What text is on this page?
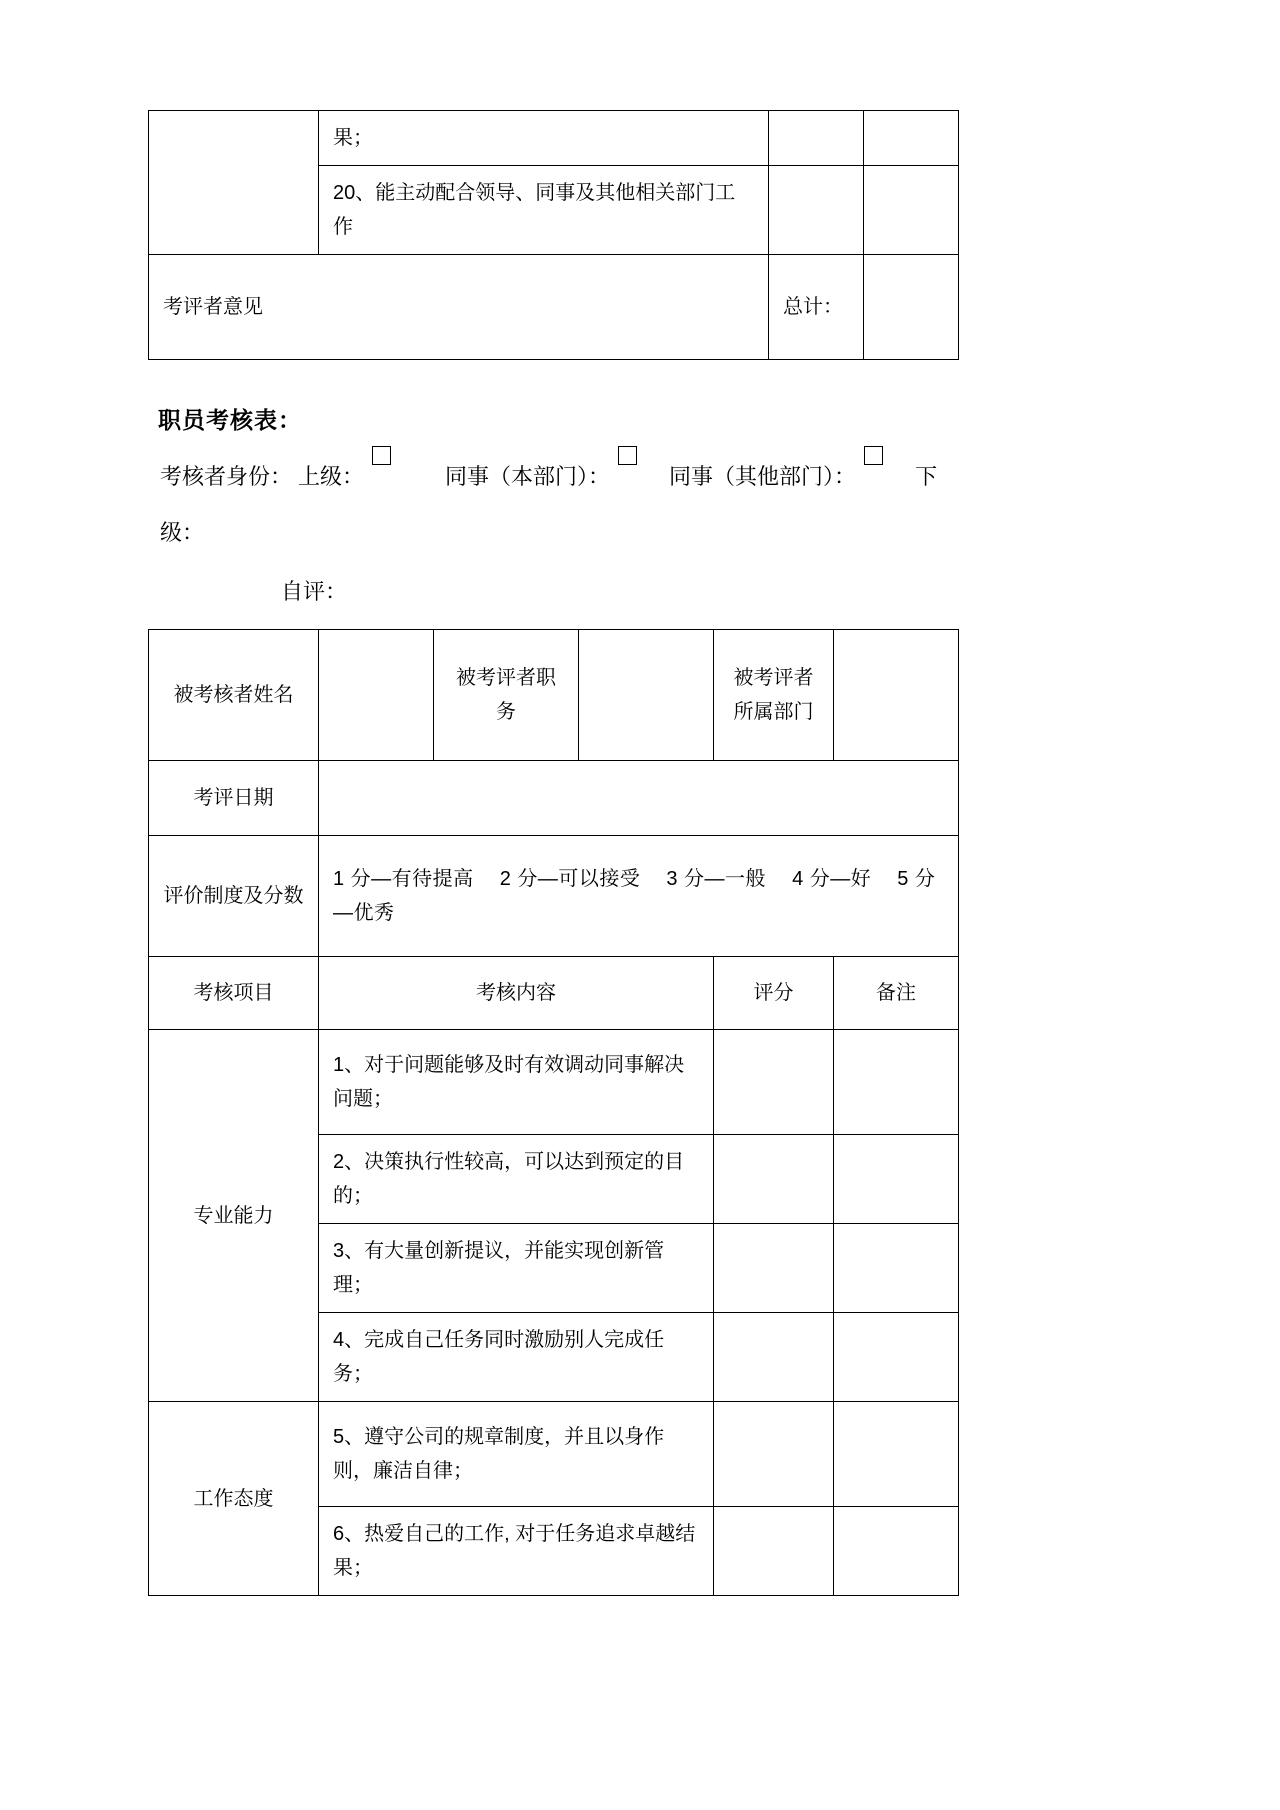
	果；		
	20、能主动配合领导、同事及其他相关部门工作		
考评者意见		总计：	
职员考核表：
考核者身份： 上级：	同事（本部门）：	同事（其他部门）：	下级：
自评：
被考核者姓名		被考评者职务		被考评者所属部门	
考评日期					
评价制度及分数	1 分—有待提高 2 分—可以接受 3 分—一般 4 分—好 5 分—优秀				
考核项目	考核内容			评分	备注
专业能力	1、对于问题能够及时有效调动同事解决问题；				
	2、决策执行性较高，可以达到预定的目的；				
	3、有大量创新提议，并能实现创新管理；				
	4、完成自己任务同时激励别人完成任务；				
工作态度	5、遵守公司的规章制度，并且以身作则，廉洁自律；				
	6、热爱自己的工作, 对于任务追求卓越结果；				
